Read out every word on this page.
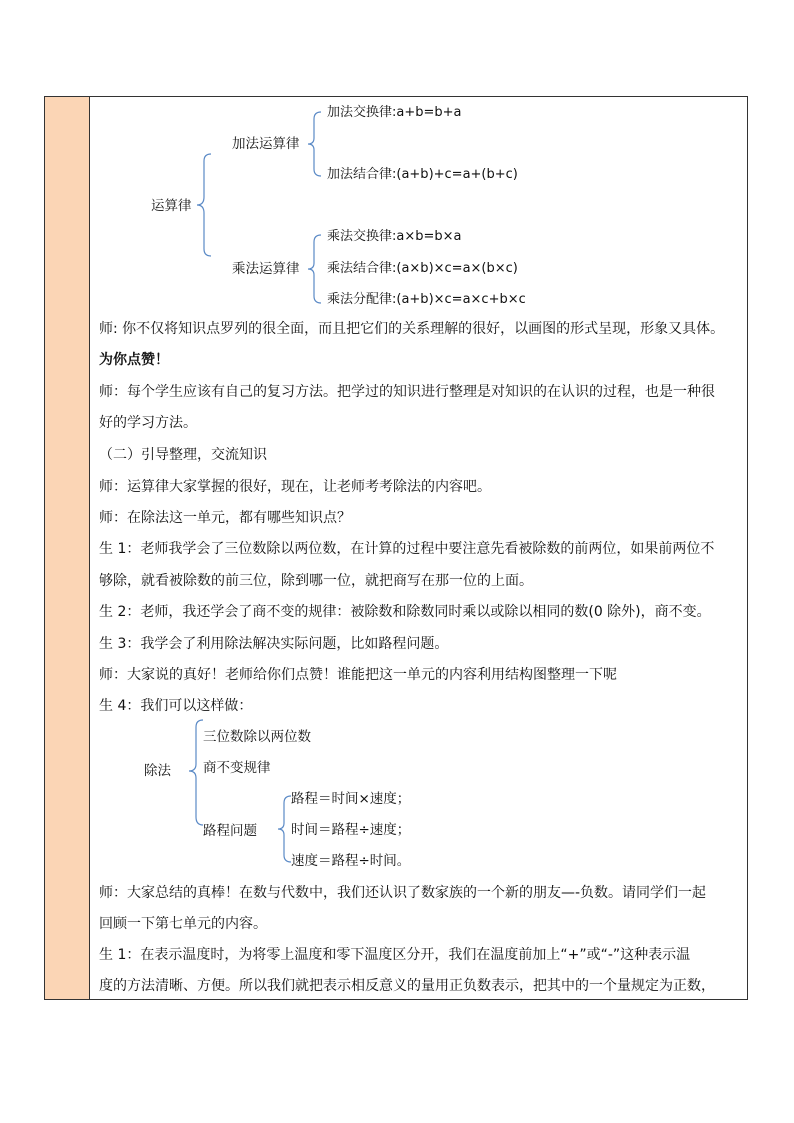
运算律
加法运算律
加法交换律:a+b=b+a
加法结合律:(a+b)+c=a+(b+c)
乘法运算律
乘法交换律:a×b=b×a
乘法结合律:(a×b)×c=a×(b×c)
乘法分配律:(a+b)×c=a×c+b×c
师: 你不仅将知识点罗列的很全面，而且把它们的关系理解的很好，以画图的形式呈现，形象又具体。
为你点赞！
师：每个学生应该有自己的复习方法。把学过的知识进行整理是对知识的在认识的过程，也是一种很
好的学习方法。
（二）引导整理，交流知识
师：运算律大家掌握的很好，现在，让老师考考除法的内容吧。
师：在除法这一单元，都有哪些知识点？
生 1：老师我学会了三位数除以两位数，在计算的过程中要注意先看被除数的前两位，如果前两位不
够除，就看被除数的前三位，除到哪一位，就把商写在那一位的上面。
生 2：老师，我还学会了商不变的规律：被除数和除数同时乘以或除以相同的数(0 除外)，商不变。
生 3：我学会了利用除法解决实际问题，比如路程问题。
师：大家说的真好！老师给你们点赞！谁能把这一单元的内容利用结构图整理一下呢
生 4：我们可以这样做：
除法
三位数除以两位数
商不变规律
路程问题
路程＝时间×速度；
时间＝路程÷速度；
速度＝路程÷时间。
师：大家总结的真棒！在数与代数中，我们还认识了数家族的一个新的朋友—-负数。请同学们一起
回顾一下第七单元的内容。
生 1：在表示温度时，为将零上温度和零下温度区分开，我们在温度前加上“+”或“-”这种表示温
度的方法清晰、方便。所以我们就把表示相反意义的量用正负数表示，把其中的一个量规定为正数，
